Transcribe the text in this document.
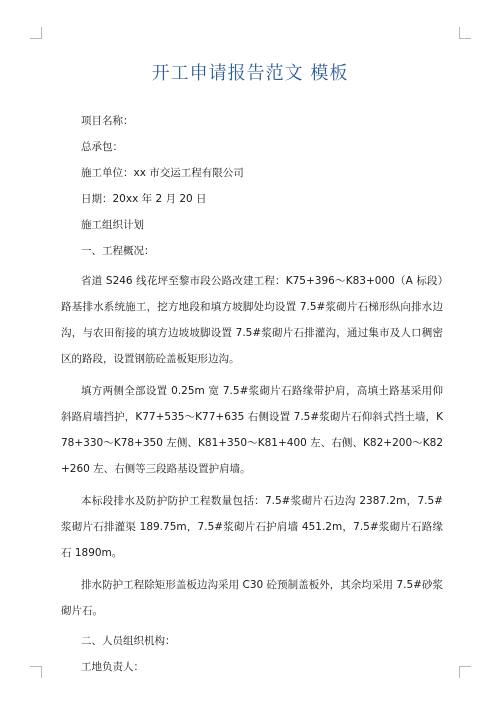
开工申请报告范文 模板
项目名称：
总承包：
施工单位：xx 市交运工程有限公司
日期：20xx 年 2 月 20 日
施工组织计划
一、工程概况：

省道 S246 线花坪至黎市段公路改建工程：K75+396～K83+000（A 标段）路基排水系统施工，挖方地段和填方坡脚处均设置 7.5#浆砌片石梯形纵向排水边沟，与农田衔接的填方边坡坡脚设置 7.5#浆砌片石排灌沟，通过集市及人口稠密区的路段，设置钢筋砼盖板矩形边沟。

填方两侧全部设置 0.25m 宽 7.5#浆砌片石路缘带护肩，高填土路基采用仰斜路肩墙挡护，K77+535～K77+635 右侧设置 7.5#浆砌片石仰斜式挡土墙，K78+330～K78+350 左侧、K81+350～K81+400 左、右侧、K82+200～K82+260 左、右侧等三段路基设置护肩墙。

本标段排水及防护防护工程数量包括：7.5#浆砌片石边沟 2387.2m，7.5#浆砌片石排灌渠 189.75m，7.5#浆砌片石护肩墙 451.2m，7.5#浆砌片石路缘石 1890m。

排水防护工程除矩形盖板边沟采用 C30 砼预制盖板外，其余均采用 7.5#砂浆砌片石。

二、人员组织机构：
工地负责人：
